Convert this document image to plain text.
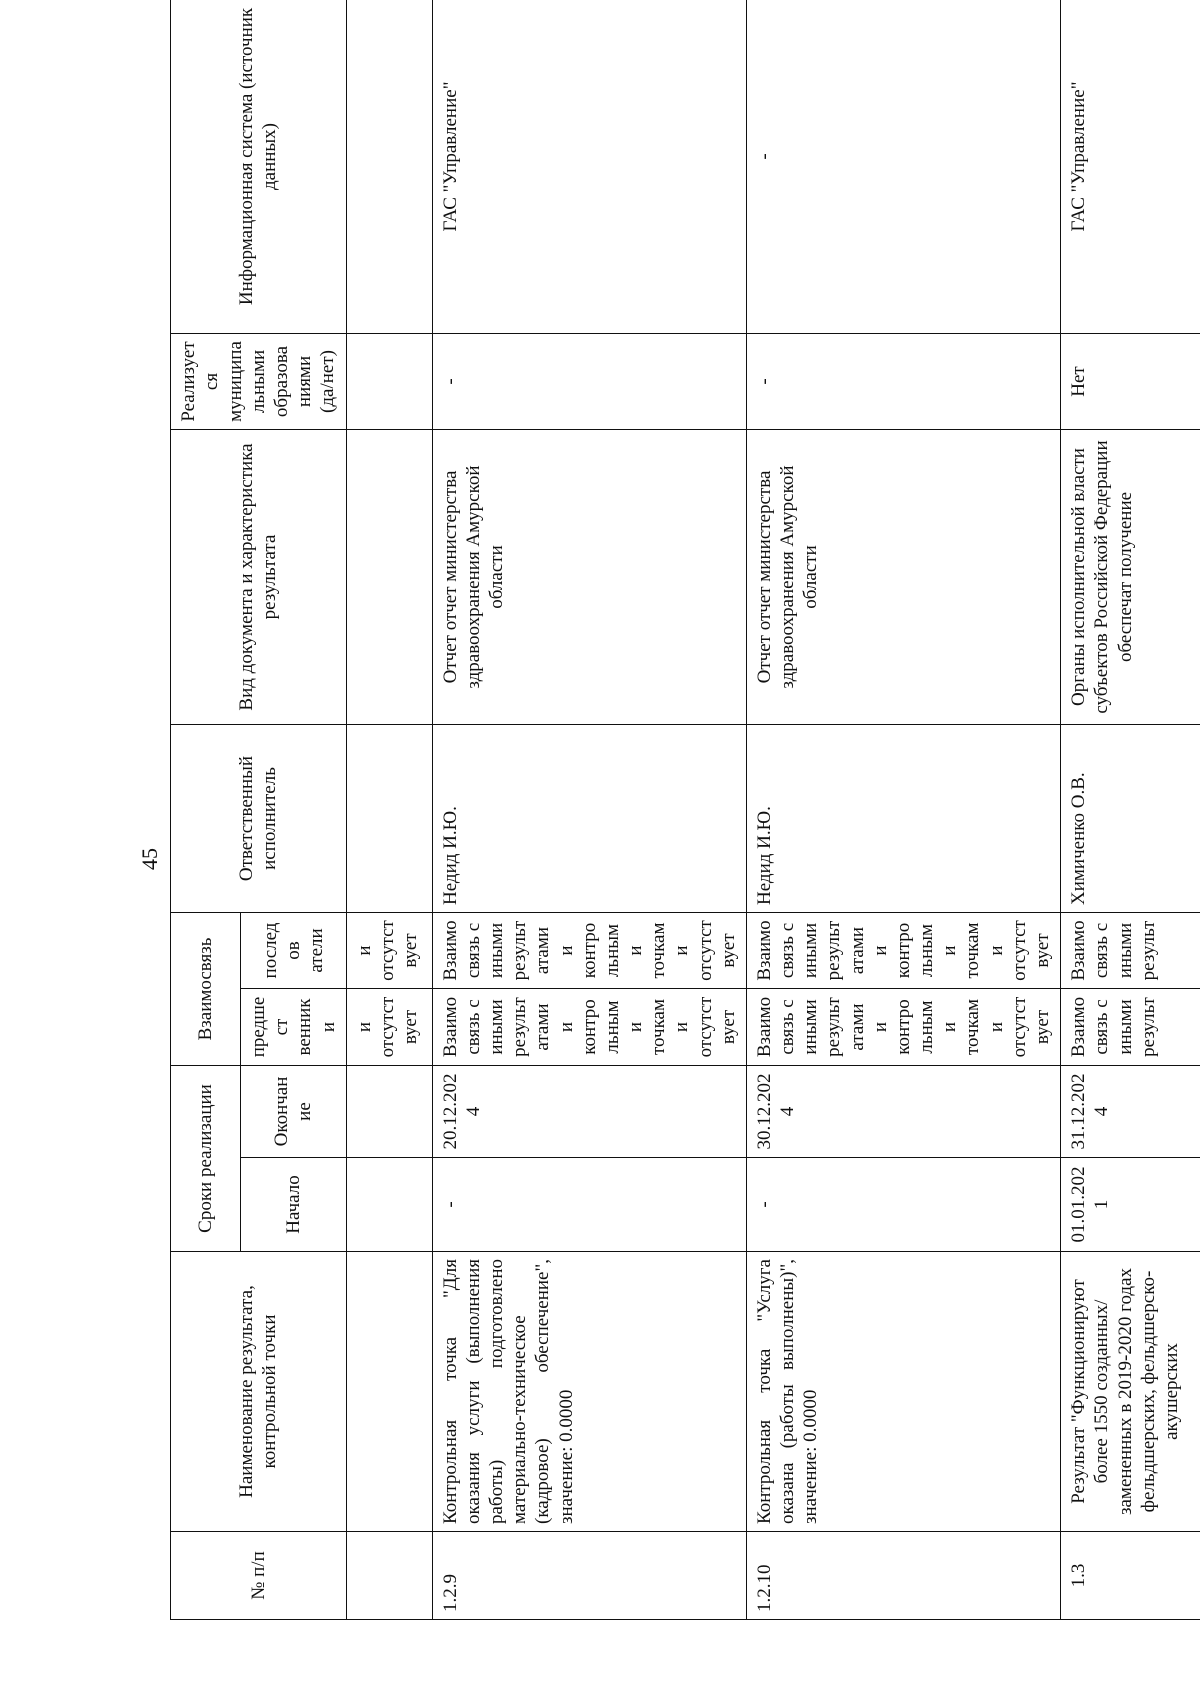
45
№ п/п	Наименование результата, контрольной точки	Сроки реализации		Взаимосвязь		Ответственный исполнитель	Вид документа и характеристика результата	Реализуется муниципальными образованиями (да/нет)	Информационная система (источник данных)
		Начало	Окончание	предшест венники	последов атели				
				и отсутст вует	и отсутст вует				
1.2.9	Контрольная точка "Для оказания услуги (выполнения работы) подготовлено материально-техническое (кадровое) обеспечение", значение: 0.0000	-	20.12.2024	Взаимосвязь с иными результатами и контрольными точками отсутствует	Взаимосвязь с иными результатами и контрольными точками отсутствует	Недид И.Ю.	Отчет отчет министерства здравоохранения Амурской области	-	ГАС "Управление"
1.2.10	Контрольная точка "Услуга оказана (работы выполнены)", значение: 0.0000	-	30.12.2024	Взаимосвязь с иными результатами и контрольными точками отсутствует	Взаимосвязь с иными результатами и контрольными точками отсутствует	Недид И.Ю.	Отчет отчет министерства здравоохранения Амурской области	-	-
1.3	Результат "Функционируют более 1550 созданных/замененных в 2019-2020 годах фельдшерских, фельдшерско-акушерских	01.01.2021	31.12.2024	Взаимосвязь с иными результ	Взаимосвязь с иными результ	Химиченко О.В.	Органы исполнительной власти субъектов Российской Федерации обеспечат получение	Нет	ГАС "Управление"
